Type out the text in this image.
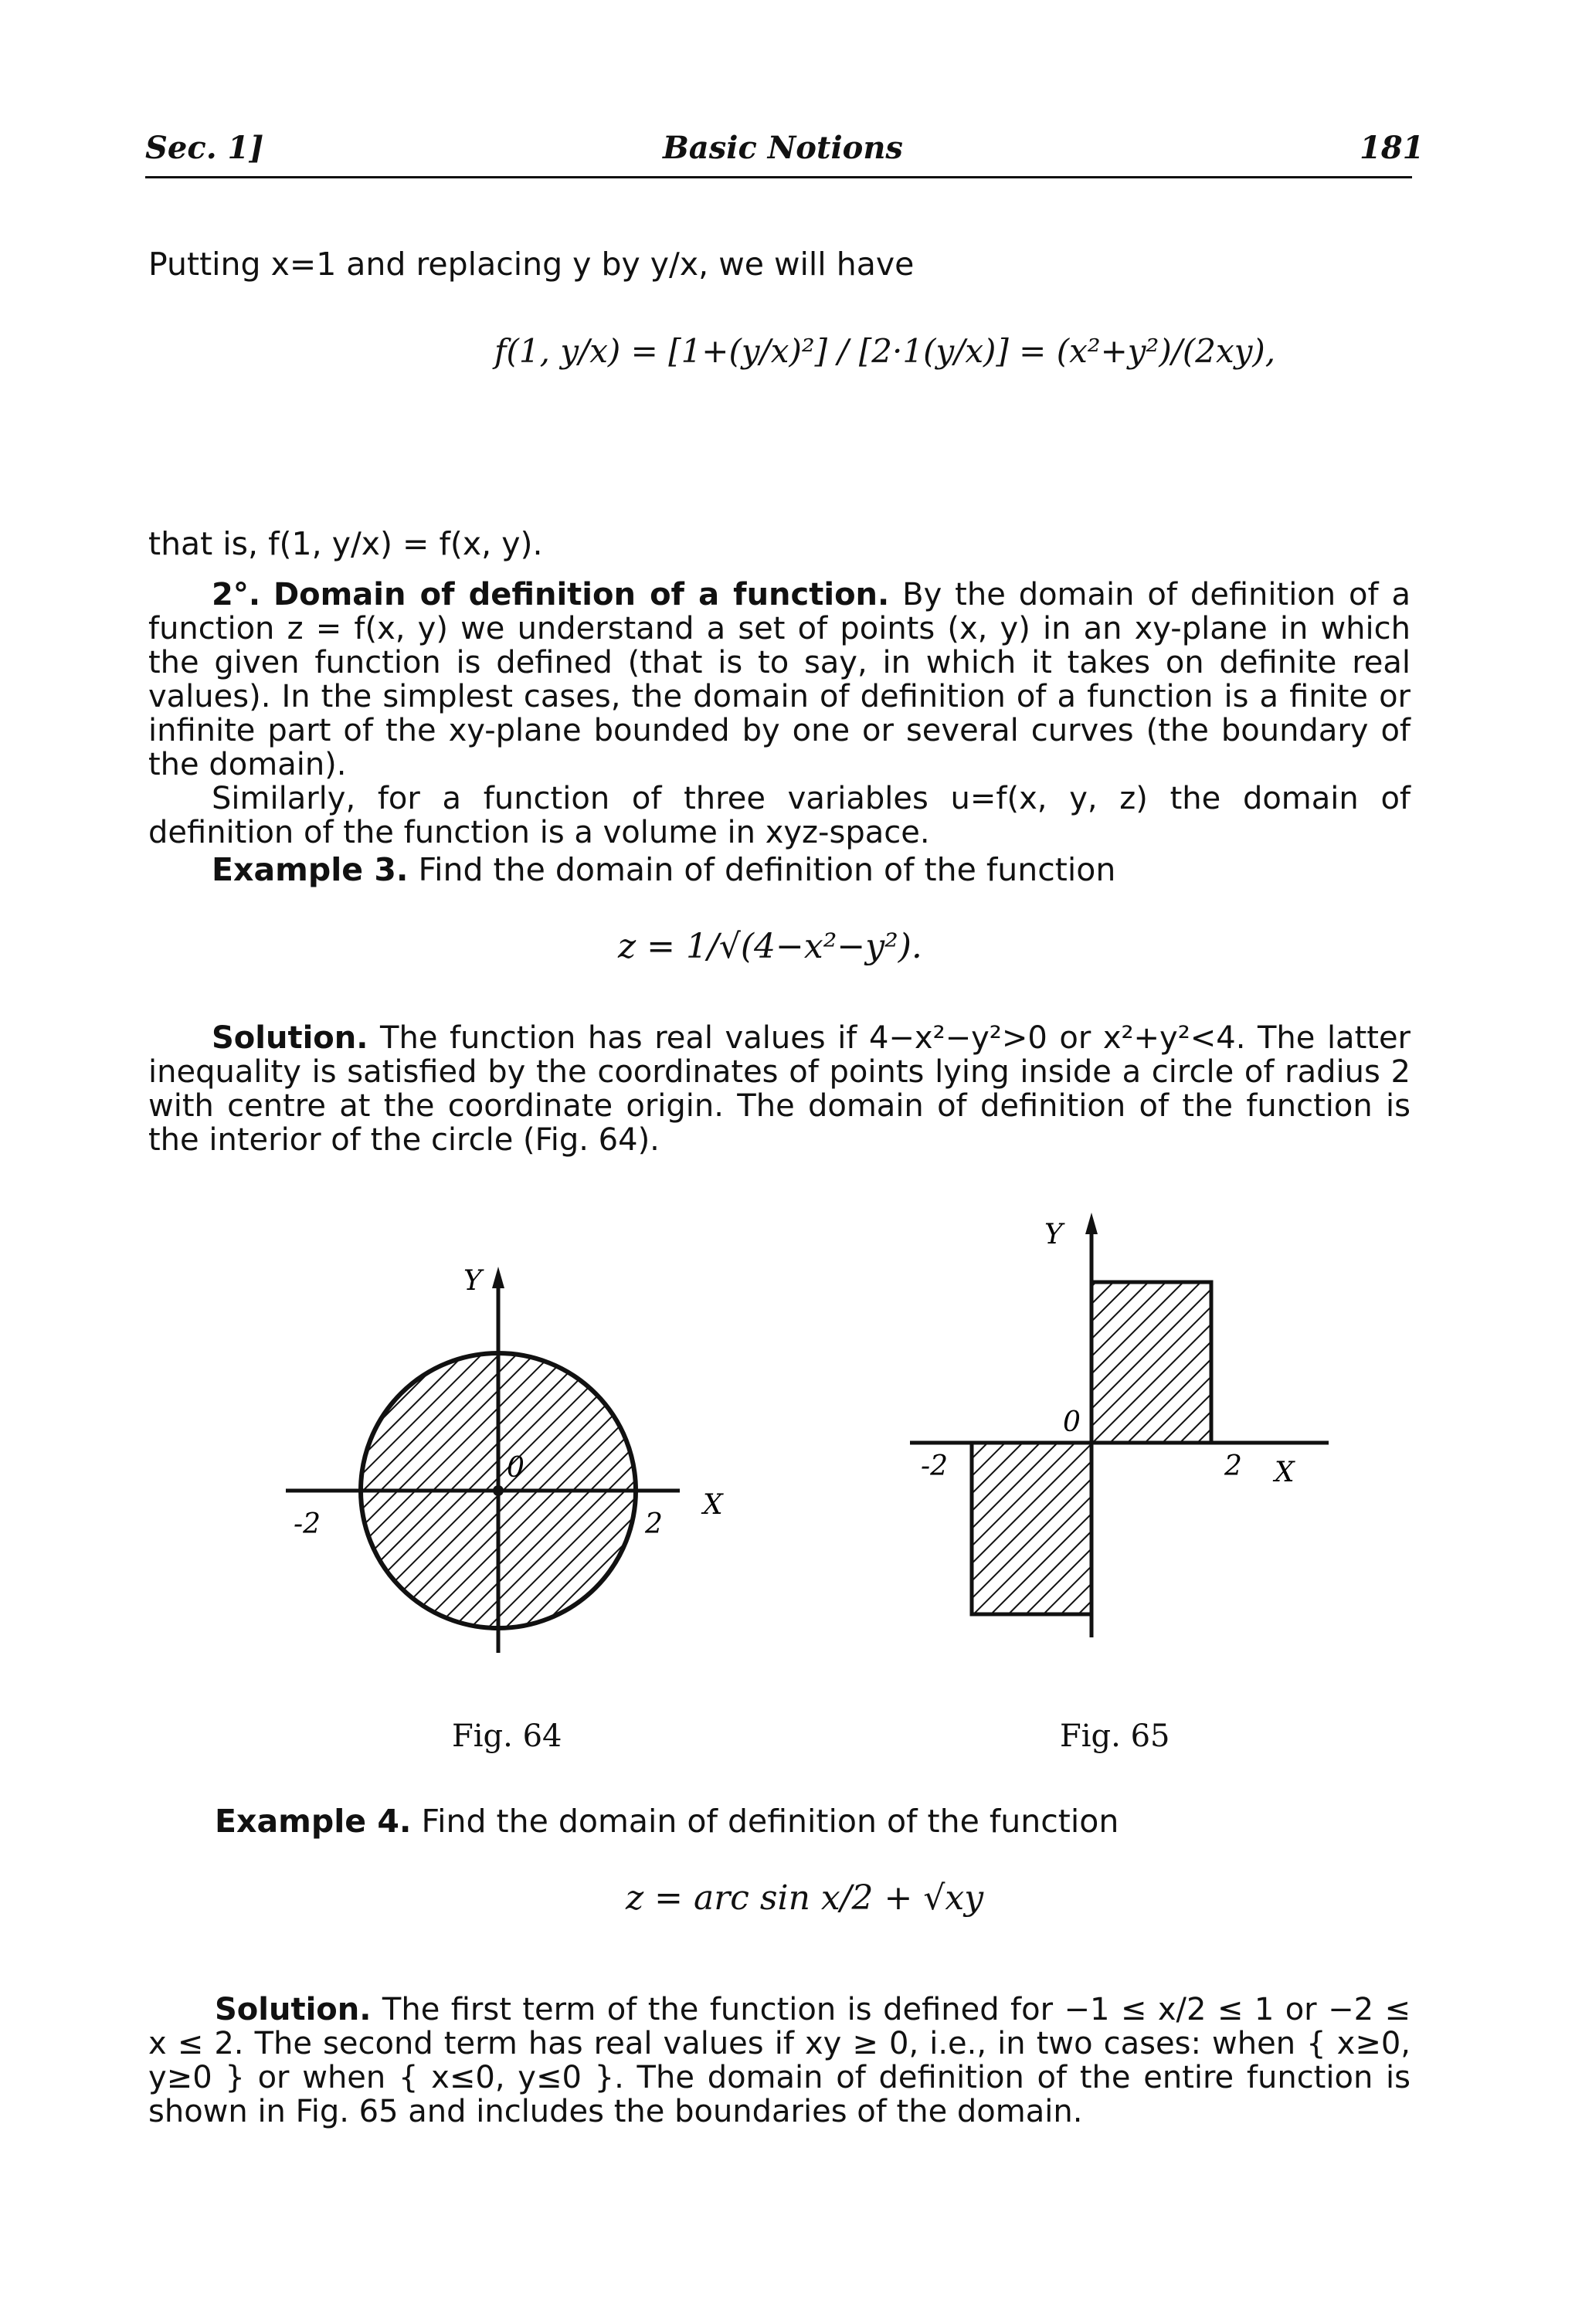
Sec. 1]	Basic Notions	181
Putting x=1 and replacing y by y/x, we will have
f(1, y/x) = [1+(y/x)²] / [2·1(y/x)] = (x²+y²)/(2xy),
that is, f(1, y/x) = f(x, y).
2°. Domain of definition of a function. By the domain of definition of a function z = f(x, y) we understand a set of points (x, y) in an xy-plane in which the given function is defined (that is to say, in which it takes on definite real values). In the simplest cases, the domain of definition of a function is a finite or infinite part of the xy-plane bounded by one or several curves (the boundary of the domain).
Similarly, for a function of three variables u=f(x, y, z) the domain of definition of the function is a volume in xyz-space.
Example 3. Find the domain of definition of the function
z = 1/√(4−x²−y²).
Solution. The function has real values if 4−x²−y²>0 or x²+y²<4. The latter inequality is satisfied by the coordinates of points lying inside a circle of radius 2 with centre at the coordinate origin. The domain of definition of the function is the interior of the circle (Fig. 64).
Y
X
0
2
-2
Y
X
0
2
-2
Fig. 64	Fig. 65
Example 4. Find the domain of definition of the function
z = arc sin x/2 + √xy
Solution. The first term of the function is defined for −1 ≤ x/2 ≤ 1 or −2 ≤ x ≤ 2. The second term has real values if xy ≥ 0, i.e., in two cases: when { x≥0, y≥0 } or when { x≤0, y≤0 }. The domain of definition of the entire function is shown in Fig. 65 and includes the boundaries of the domain.
